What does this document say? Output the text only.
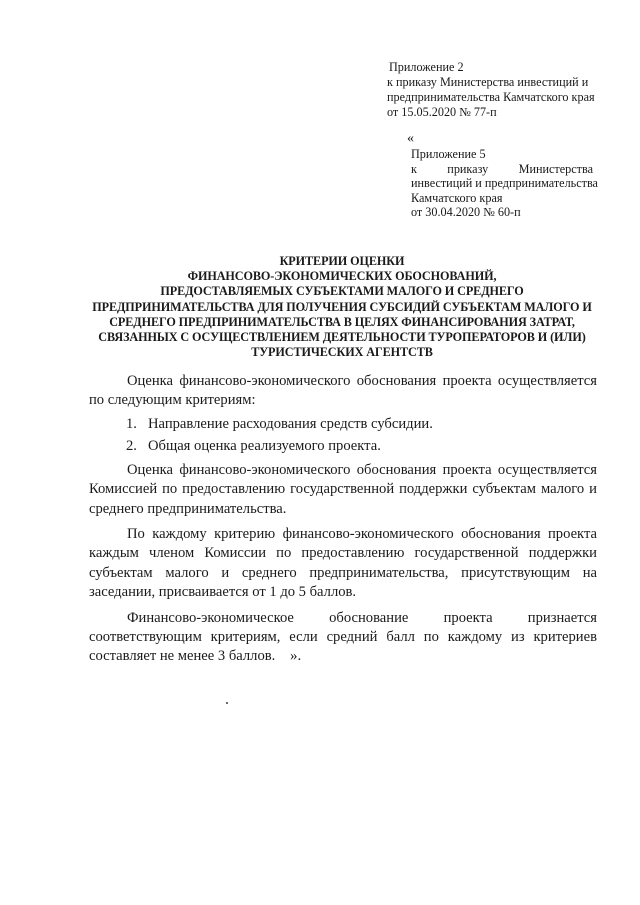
Приложение 2
к приказу Министерства инвестиций и
предпринимательства Камчатского края
от 15.05.2020 № 77-п
«
Приложение 5
к приказу Министерства
инвестиций и предпринимательства
Камчатского края
от 30.04.2020 № 60-п
КРИТЕРИИ ОЦЕНКИ
ФИНАНСОВО-ЭКОНОМИЧЕСКИХ ОБОСНОВАНИЙ,
ПРЕДОСТАВЛЯЕМЫХ СУБЪЕКТАМИ МАЛОГО И СРЕДНЕГО
ПРЕДПРИНИМАТЕЛЬСТВА ДЛЯ ПОЛУЧЕНИЯ СУБСИДИЙ СУБЪЕКТАМ МАЛОГО И
СРЕДНЕГО ПРЕДПРИНИМАТЕЛЬСТВА В ЦЕЛЯХ ФИНАНСИРОВАНИЯ ЗАТРАТ,
СВЯЗАННЫХ С ОСУЩЕСТВЛЕНИЕМ ДЕЯТЕЛЬНОСТИ ТУРОПЕРАТОРОВ И (ИЛИ)
ТУРИСТИЧЕСКИХ АГЕНТСТВ

Оценка финансово-экономического обоснования проекта осуществляется по следующим критериям:

1. Направление расходования средств субсидии.
2. Общая оценка реализуемого проекта.

Оценка финансово-экономического обоснования проекта осуществляется Комиссией по предоставлению государственной поддержки субъектам малого и среднего предпринимательства.

По каждому критерию финансово-экономического обоснования проекта каждым членом Комиссии по предоставлению государственной поддержки субъектам малого и среднего предпринимательства, присутствующим на заседании, присваивается от 1 до 5 баллов.

Финансово-экономическое обоснование проекта признается соответствующим критериям, если средний балл по каждому из критериев составляет не менее 3 баллов. ».
